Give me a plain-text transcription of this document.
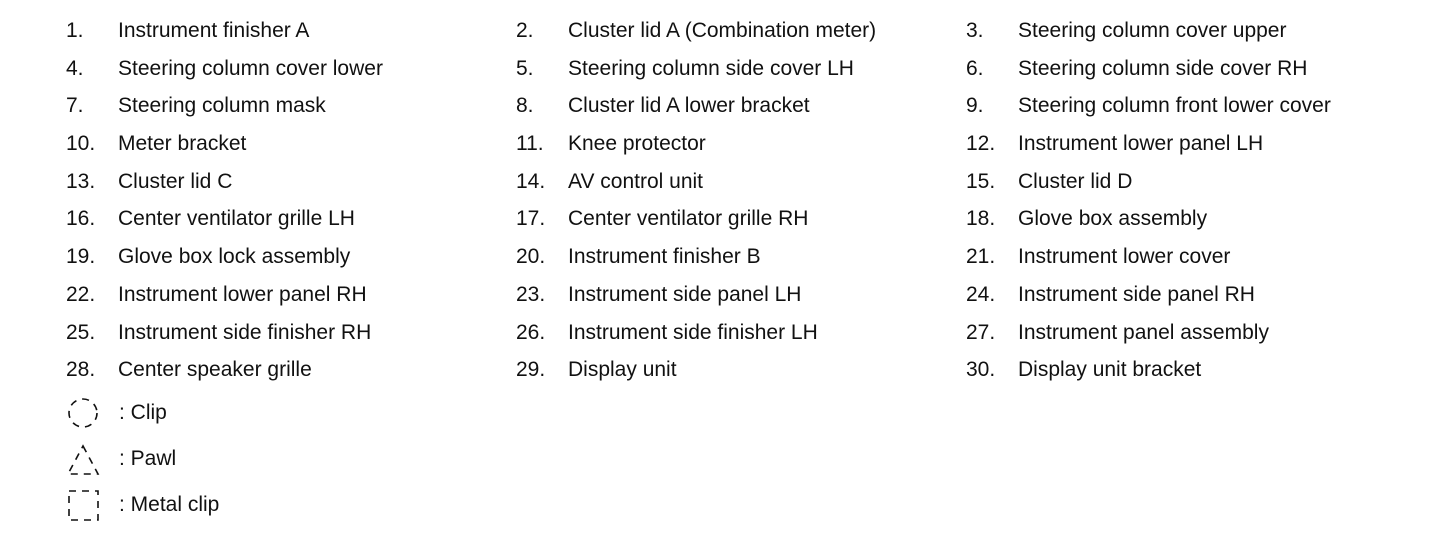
1. Instrument finisher A	2. Cluster lid A (Combination meter)	3. Steering column cover upper
4. Steering column cover lower	5. Steering column side cover LH	6. Steering column side cover RH
7. Steering column mask	8. Cluster lid A lower bracket	9. Steering column front lower cover
10. Meter bracket	11. Knee protector	12. Instrument lower panel LH
13. Cluster lid C	14. AV control unit	15. Cluster lid D
16. Center ventilator grille LH	17. Center ventilator grille RH	18. Glove box assembly
19. Glove box lock assembly	20. Instrument finisher B	21. Instrument lower cover
22. Instrument lower panel RH	23. Instrument side panel LH	24. Instrument side panel RH
25. Instrument side finisher RH	26. Instrument side finisher LH	27. Instrument panel assembly
28. Center speaker grille	29. Display unit	30. Display unit bracket
: Clip
: Pawl
: Metal clip
